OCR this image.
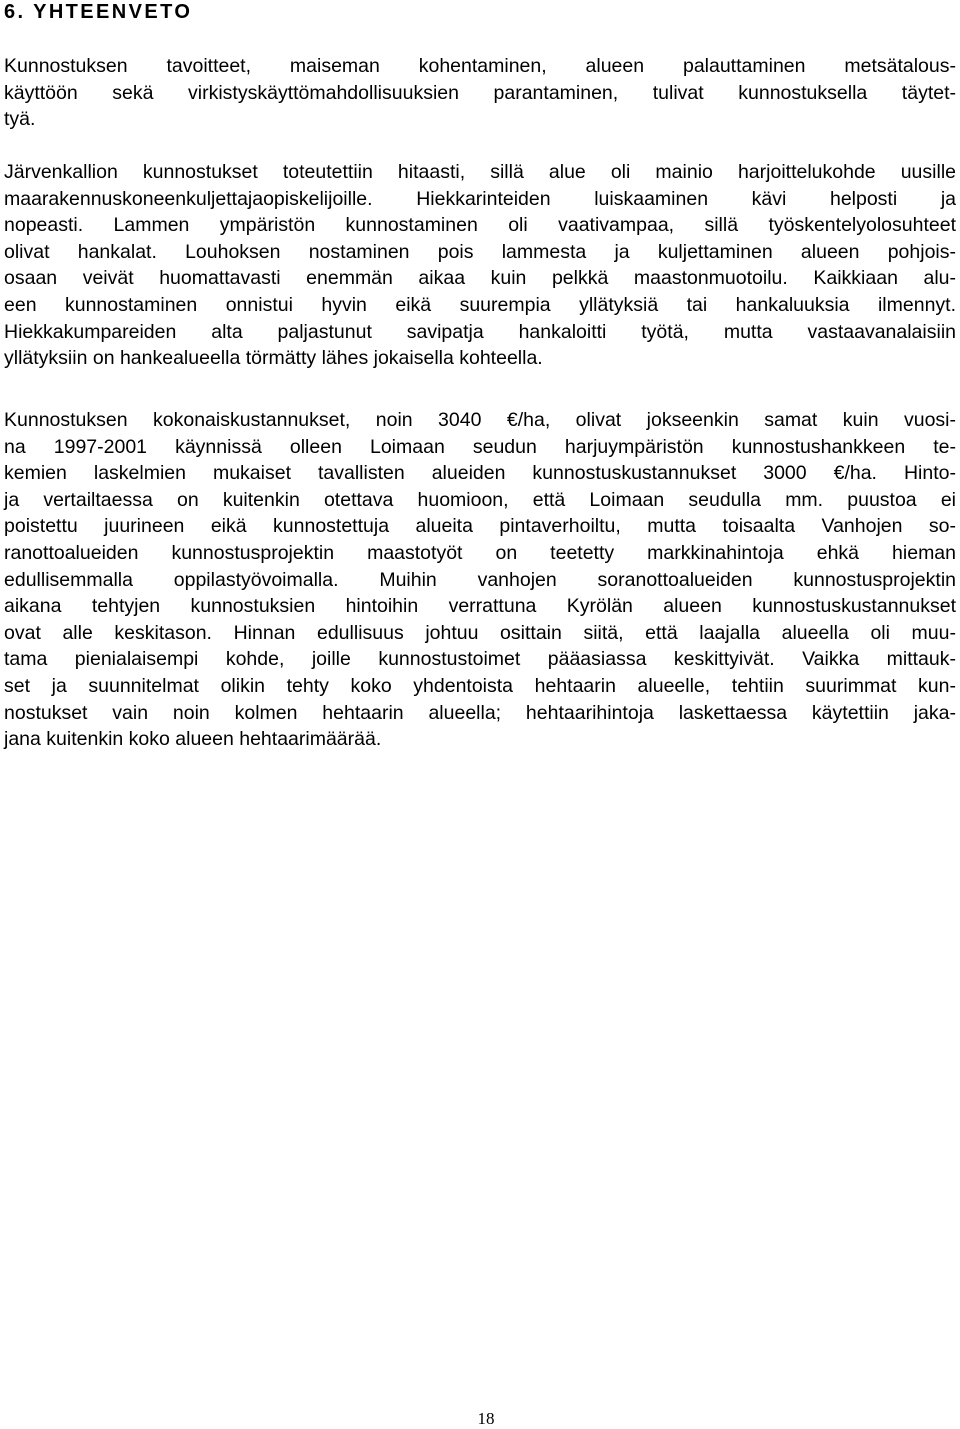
6. YHTEENVETO
Kunnostuksen tavoitteet, maiseman kohentaminen, alueen palauttaminen metsätalous-
käyttöön sekä virkistyskäyttömahdollisuuksien parantaminen, tulivat kunnostuksella täytet-
tyä.
Järvenkallion kunnostukset toteutettiin hitaasti, sillä alue oli mainio harjoittelukohde uusille
maarakennuskoneenkuljettajaopiskelijoille. Hiekkarinteiden luiskaaminen kävi helposti ja
nopeasti. Lammen ympäristön kunnostaminen oli vaativampaa, sillä työskentelyolosuhteet
olivat hankalat. Louhoksen nostaminen pois lammesta ja kuljettaminen alueen pohjois-
osaan veivät huomattavasti enemmän aikaa kuin pelkkä maastonmuotoilu. Kaikkiaan alu-
een kunnostaminen onnistui hyvin eikä suurempia yllätyksiä tai hankaluuksia ilmennyt.
Hiekkakumpareiden alta paljastunut savipatja hankaloitti työtä, mutta vastaavanalaisiin
yllätyksiin on hankealueella törmätty lähes jokaisella kohteella.
Kunnostuksen kokonaiskustannukset, noin 3040 €/ha, olivat jokseenkin samat kuin vuosi-
na 1997-2001 käynnissä olleen Loimaan seudun harjuympäristön kunnostushankkeen te-
kemien laskelmien mukaiset tavallisten alueiden kunnostuskustannukset 3000 €/ha. Hinto-
ja vertailtaessa on kuitenkin otettava huomioon, että Loimaan seudulla mm. puustoa ei
poistettu juurineen eikä kunnostettuja alueita pintaverhoiltu, mutta toisaalta Vanhojen so-
ranottoalueiden kunnostusprojektin maastotyöt on teetetty markkinahintoja ehkä hieman
edullisemmalla oppilastyövoimalla. Muihin vanhojen soranottoalueiden kunnostusprojektin
aikana tehtyjen kunnostuksien hintoihin verrattuna Kyrölän alueen kunnostuskustannukset
ovat alle keskitason. Hinnan edullisuus johtuu osittain siitä, että laajalla alueella oli muu-
tama pienialaisempi kohde, joille kunnostustoimet pääasiassa keskittyivät. Vaikka mittauk-
set ja suunnitelmat olikin tehty koko yhdentoista hehtaarin alueelle, tehtiin suurimmat kun-
nostukset vain noin kolmen hehtaarin alueella; hehtaarihintoja laskettaessa käytettiin jaka-
jana kuitenkin koko alueen hehtaarimäärää.
18
